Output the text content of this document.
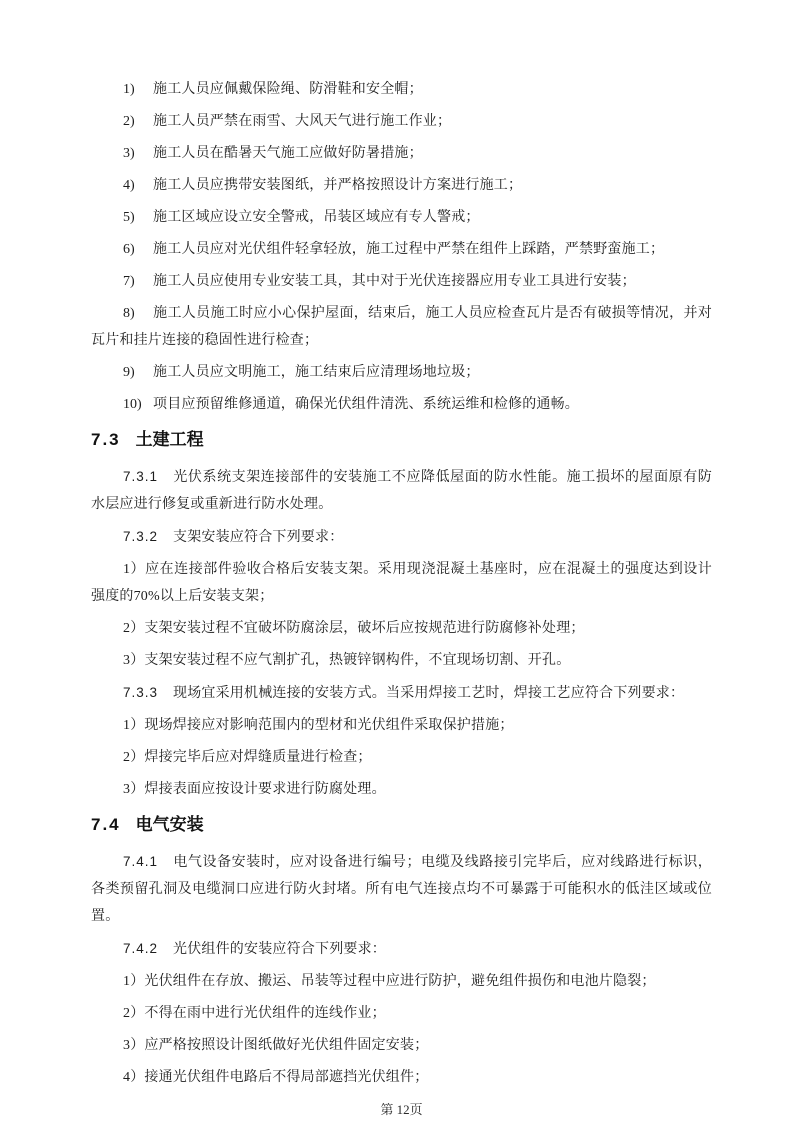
1) 施工人员应佩戴保险绳、防滑鞋和安全帽；

2) 施工人员严禁在雨雪、大风天气进行施工作业；

3) 施工人员在酷暑天气施工应做好防暑措施；

4) 施工人员应携带安装图纸，并严格按照设计方案进行施工；

5) 施工区域应设立安全警戒，吊装区域应有专人警戒；

6) 施工人员应对光伏组件轻拿轻放，施工过程中严禁在组件上踩踏，严禁野蛮施工；

7) 施工人员应使用专业安装工具，其中对于光伏连接器应用专业工具进行安装；

8) 施工人员施工时应小心保护屋面，结束后，施工人员应检查瓦片是否有破损等情况，并对瓦片和挂片连接的稳固性进行检查；

9) 施工人员应文明施工，施工结束后应清理场地垃圾；

10) 项目应预留维修通道，确保光伏组件清洗、系统运维和检修的通畅。

7.3 土建工程

7.3.1 光伏系统支架连接部件的安装施工不应降低屋面的防水性能。施工损坏的屋面原有防水层应进行修复或重新进行防水处理。

7.3.2 支架安装应符合下列要求：

1）应在连接部件验收合格后安装支架。采用现浇混凝土基座时，应在混凝土的强度达到设计强度的70%以上后安装支架；

2）支架安装过程不宜破坏防腐涂层，破坏后应按规范进行防腐修补处理；

3）支架安装过程不应气割扩孔，热镀锌钢构件，不宜现场切割、开孔。

7.3.3 现场宜采用机械连接的安装方式。当采用焊接工艺时，焊接工艺应符合下列要求：

1）现场焊接应对影响范围内的型材和光伏组件采取保护措施；

2）焊接完毕后应对焊缝质量进行检查；

3）焊接表面应按设计要求进行防腐处理。

7.4 电气安装

7.4.1 电气设备安装时，应对设备进行编号；电缆及线路接引完毕后，应对线路进行标识，各类预留孔洞及电缆洞口应进行防火封堵。所有电气连接点均不可暴露于可能积水的低洼区域或位置。

7.4.2 光伏组件的安装应符合下列要求：

1）光伏组件在存放、搬运、吊装等过程中应进行防护，避免组件损伤和电池片隐裂；

2）不得在雨中进行光伏组件的连线作业；

3）应严格按照设计图纸做好光伏组件固定安装；

4）接通光伏组件电路后不得局部遮挡光伏组件；

第 12页
